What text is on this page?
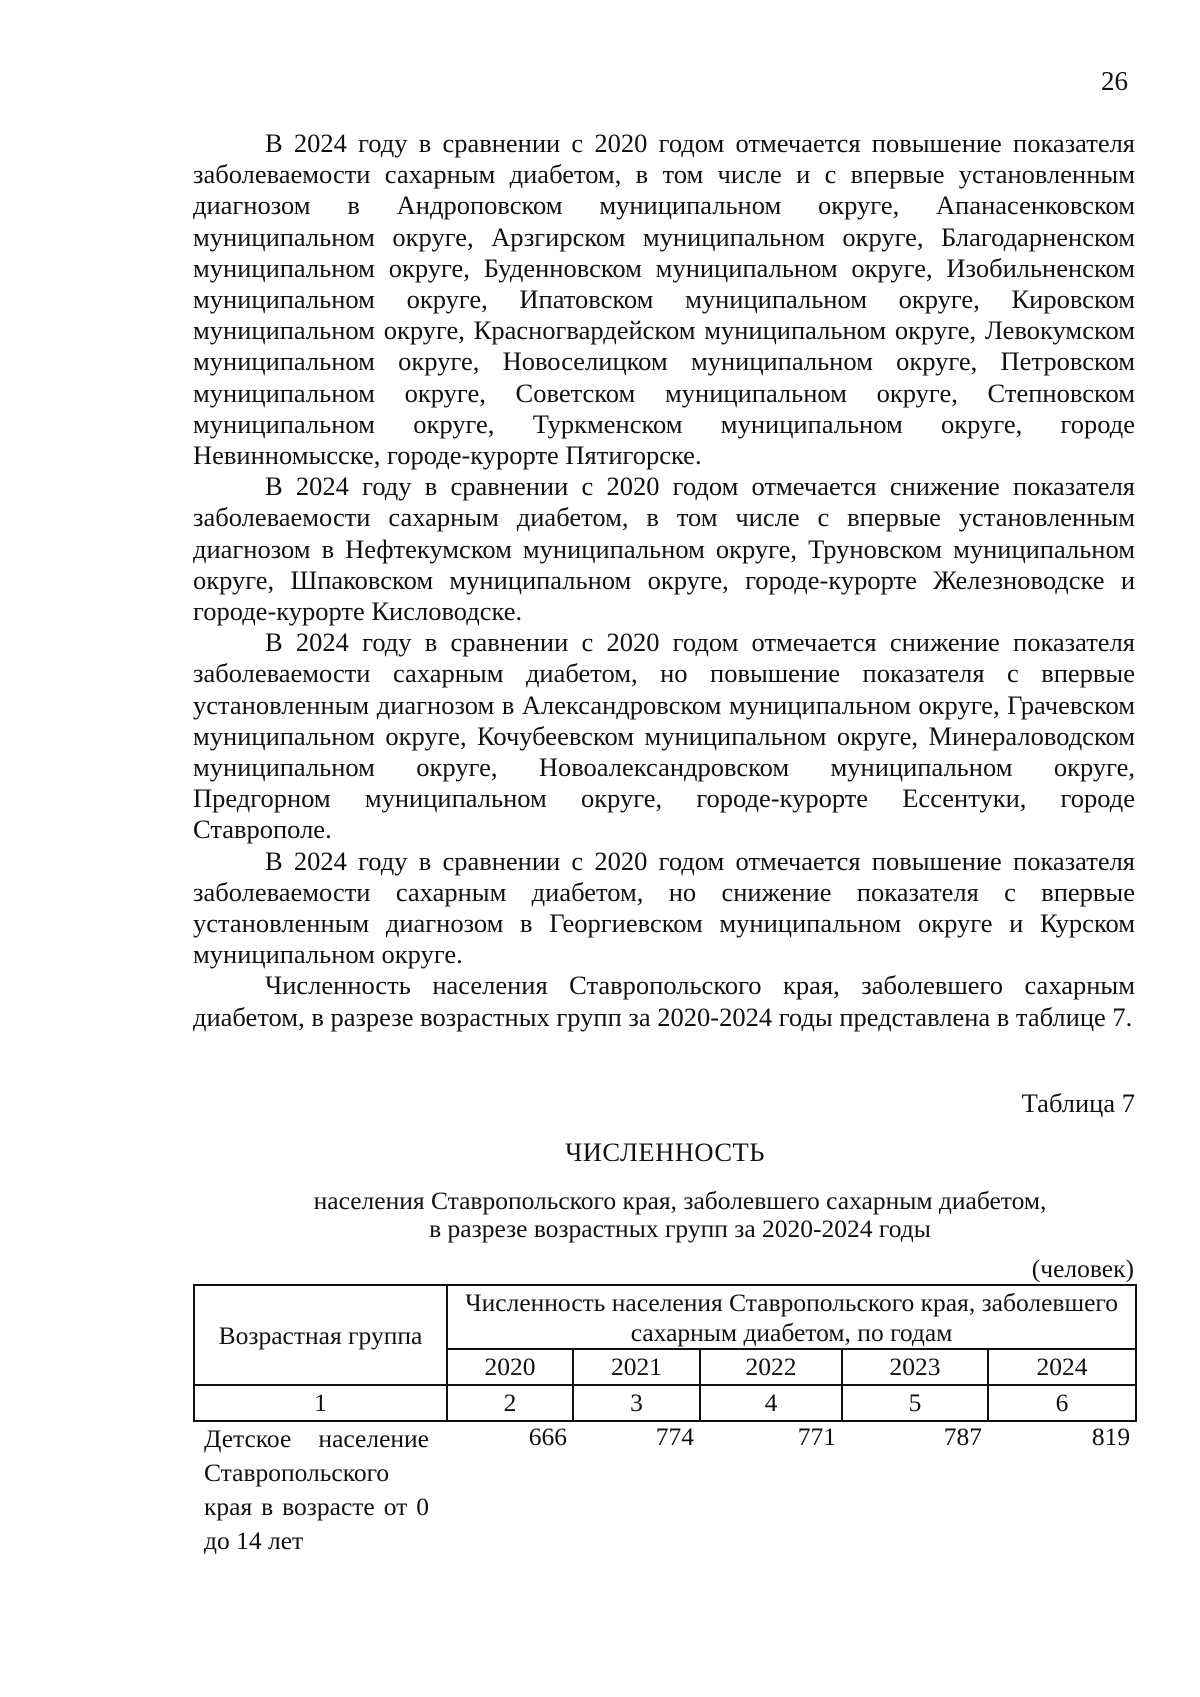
26

В 2024 году в сравнении с 2020 годом отмечается повышение показателя заболеваемости сахарным диабетом, в том числе и с впервые установленным диагнозом в Андроповском муниципальном округе, Апанасенковском муниципальном округе, Арзгирском муниципальном округе, Благодарненском муниципальном округе, Буденновском муниципальном округе, Изобильненском муниципальном округе, Ипатовском муниципальном округе, Кировском муниципальном округе, Красногвардейском муниципальном округе, Левокумском муниципальном округе, Новоселицком муниципальном округе, Петровском муниципальном округе, Советском муниципальном округе, Степновском муниципальном округе, Туркменском муниципальном округе, городе Невинномысске, городе-курорте Пятигорске.

В 2024 году в сравнении с 2020 годом отмечается снижение показателя заболеваемости сахарным диабетом, в том числе с впервые установленным диагнозом в Нефтекумском муниципальном округе, Труновском муниципальном округе, Шпаковском муниципальном округе, городе-курорте Железноводске и городе-курорте Кисловодске.

В 2024 году в сравнении с 2020 годом отмечается снижение показателя заболеваемости сахарным диабетом, но повышение показателя с впервые установленным диагнозом в Александровском муниципальном округе, Грачевском муниципальном округе, Кочубеевском муниципальном округе, Минераловодском муниципальном округе, Новоалександровском муниципальном округе, Предгорном муниципальном округе, городе-курорте Ессентуки, городе Ставрополе.

В 2024 году в сравнении с 2020 годом отмечается повышение показателя заболеваемости сахарным диабетом, но снижение показателя с впервые установленным диагнозом в Георгиевском муниципальном округе и Курском муниципальном округе.

Численность населения Ставропольского края, заболевшего сахарным диабетом, в разрезе возрастных групп за 2020-2024 годы представлена в таблице 7.

Таблица 7
ЧИСЛЕННОСТЬ
населения Ставропольского края, заболевшего сахарным диабетом,
в разрезе возрастных групп за 2020-2024 годы
(человек)
Возрастная группа	Численность населения Ставропольского края, заболевшего сахарным диабетом, по годам				
	2020	2021	2022	2023	2024
1	2	3	4	5	6
Детское население Ставропольского края в возрасте от 0 до 14 лет	666	774	771	787	819
